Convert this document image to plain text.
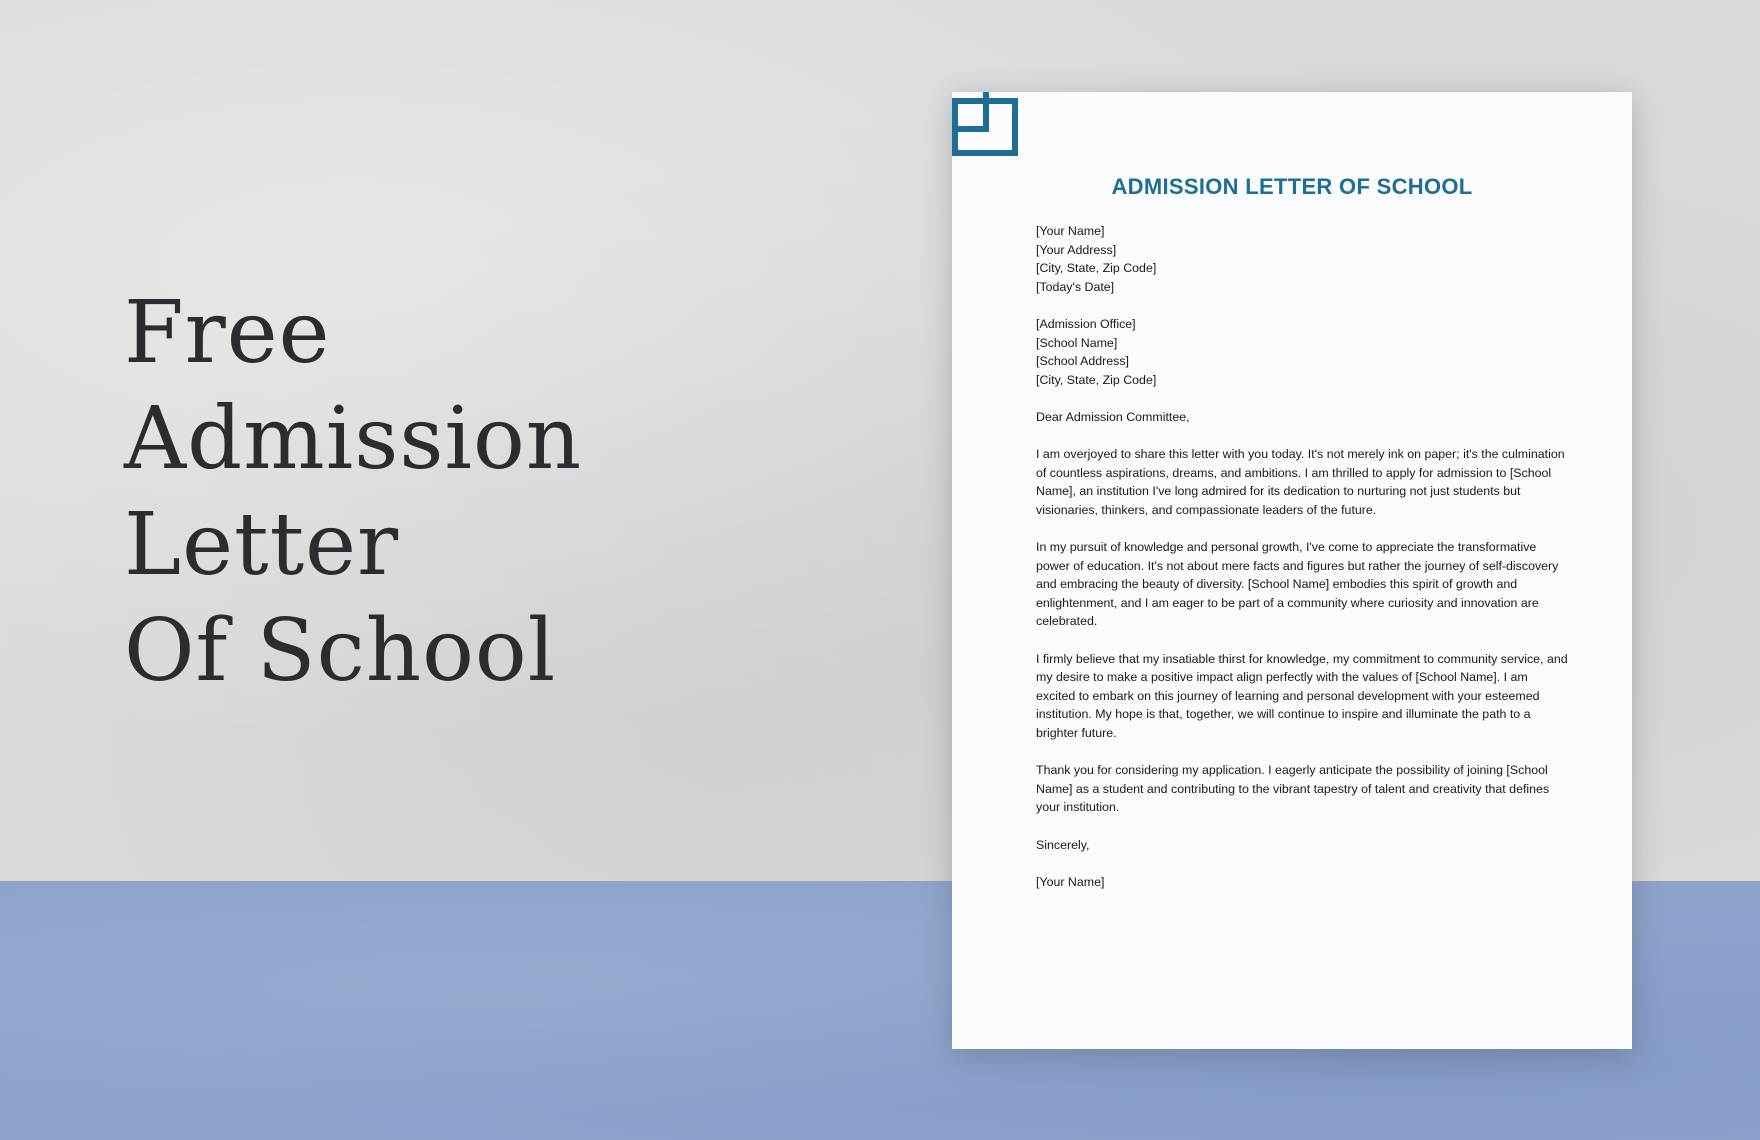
Free
Admission
Letter
Of School
ADMISSION LETTER OF SCHOOL
[Your Name]
[Your Address]
[City, State, Zip Code]
[Today's Date]
[Admission Office]
[School Name]
[School Address]
[City, State, Zip Code]
Dear Admission Committee,

I am overjoyed to share this letter with you today. It's not merely ink on paper; it's the culmination of countless aspirations, dreams, and ambitions. I am thrilled to apply for admission to [School Name], an institution I've long admired for its dedication to nurturing not just students but visionaries, thinkers, and compassionate leaders of the future.

In my pursuit of knowledge and personal growth, I've come to appreciate the transformative power of education. It's not about mere facts and figures but rather the journey of self-discovery and embracing the beauty of diversity. [School Name] embodies this spirit of growth and enlightenment, and I am eager to be part of a community where curiosity and innovation are celebrated.

I firmly believe that my insatiable thirst for knowledge, my commitment to community service, and my desire to make a positive impact align perfectly with the values of [School Name]. I am excited to embark on this journey of learning and personal development with your esteemed institution. My hope is that, together, we will continue to inspire and illuminate the path to a brighter future.

Thank you for considering my application. I eagerly anticipate the possibility of joining [School Name] as a student and contributing to the vibrant tapestry of talent and creativity that defines your institution.

Sincerely,
[Your Name]
